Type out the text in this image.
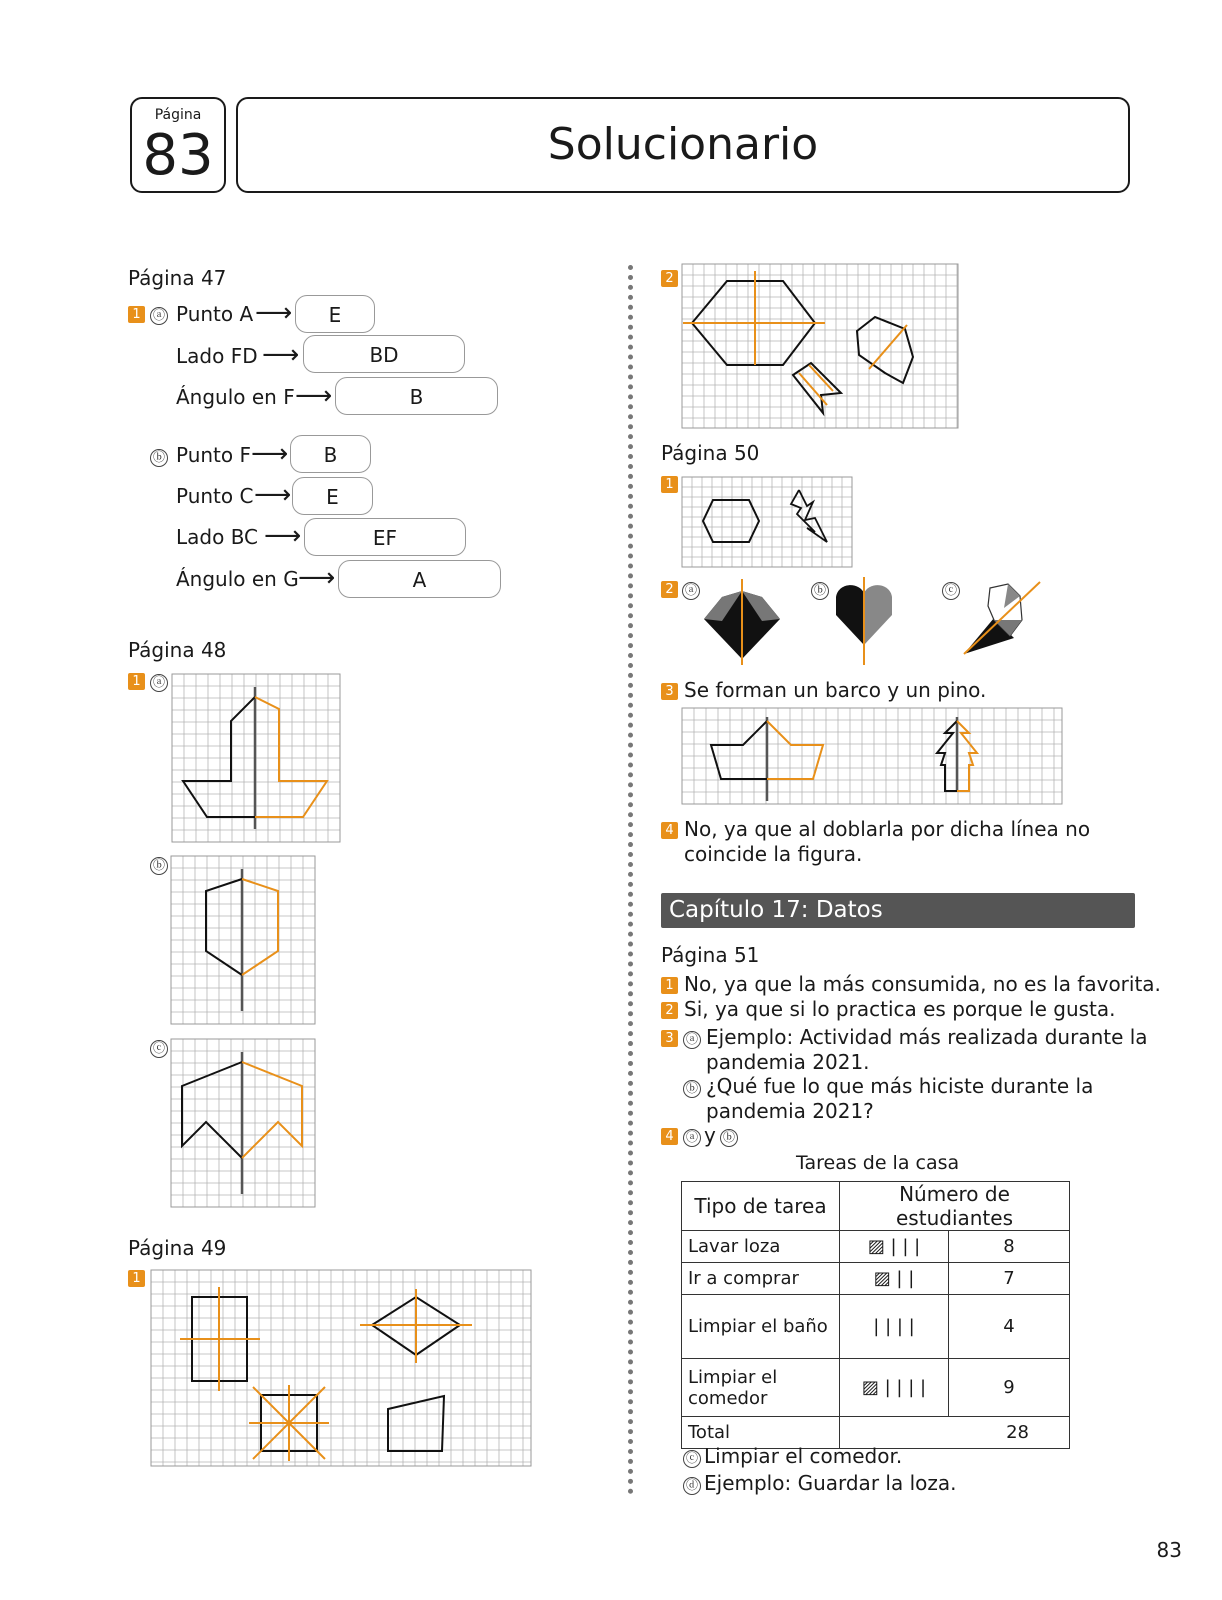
Página
83	Solucionario
Página 47
1	ⓐ Punto A ⟶	E
Lado FD ⟶	BD
Ángulo en F ⟶	B
ⓑ Punto F ⟶	B
Punto C ⟶	E
Lado BC ⟶	EF
Ángulo en G ⟶	A
Página 48
1	ⓐ
ⓑ
ⓒ
Página 49
1
2
Página 50
1
2 ⓐ	ⓑ	ⓒ
3 Se forman un barco y un pino.
4 No, ya que al doblarla por dicha línea no
coincide la figura.
Capítulo 17: Datos
Página 51
1 No, ya que la más consumida, no es la favorita.
2 Si, ya que si lo practica es porque le gusta.
3	ⓐ Ejemplo: Actividad más realizada durante la
pandemia 2021.
ⓑ ¿Qué fue lo que más hiciste durante la
pandemia 2021?
4	ⓐ y ⓑ
Tareas de la casa
Tipo de tarea	Número de estudiantes	
Lavar loza	▨ | | |	8
Ir a comprar	▨ | |	7
Limpiar el baño	| | | |	4
Limpiar el comedor	▨ | | | |	9
Total	28	
ⓒ Limpiar el comedor.
ⓓ Ejemplo: Guardar la loza.
83
